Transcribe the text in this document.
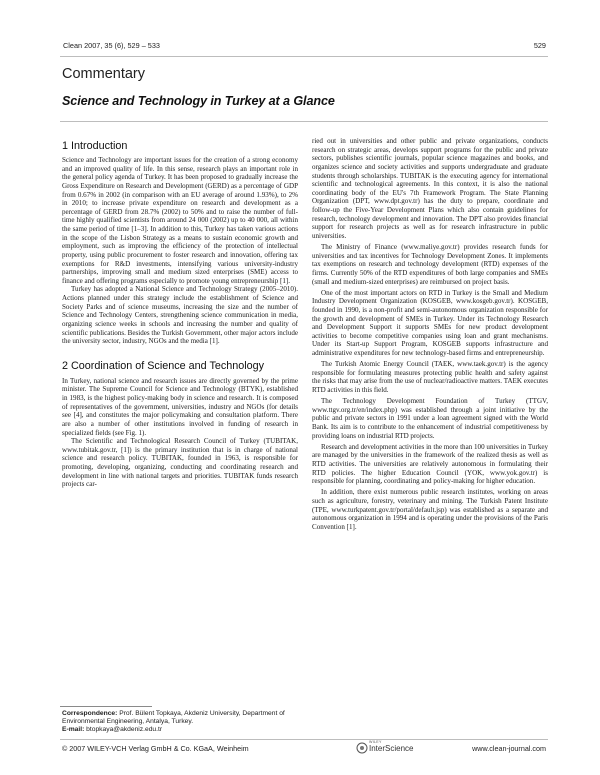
Clean 2007, 35 (6), 529 – 533	529
Commentary
Science and Technology in Turkey at a Glance
1 Introduction

Science and Technology are important issues for the creation of a strong economy and an improved quality of life. In this sense, research plays an important role in the general policy agenda of Turkey. It has been proposed to gradually increase the Gross Expenditure on Research and Development (GERD) as a percentage of GDP from 0.67% in 2002 (in comparison with an EU average of around 1.93%), to 2% in 2010; to increase private expenditure on research and development as a percentage of GERD from 28.7% (2002) to 50% and to raise the number of full-time highly qualified scientists from around 24 000 (2002) up to 40 000, all within the same period of time [1–3]. In addition to this, Turkey has taken various actions in the scope of the Lisbon Strategy as a means to sustain economic growth and employment, such as improving the efficiency of the protection of intellectual property, using public procurement to foster research and innovation, offering tax exemptions for R&D investments, intensifying various university-industry partnerships, improving small and medium sized enterprises (SME) access to finance and offering programs especially to promote young entrepreneurship [1].

Turkey has adopted a National Science and Technology Strategy (2005–2010). Actions planned under this strategy include the establishment of Science and Society Parks and of science museums, increasing the size and the number of Science and Technology Centers, strengthening science communication in media, organizing science weeks in schools and increasing the number and quality of scientific publications. Besides the Turkish Government, other major actors include the university sector, industry, NGOs and the media [1].

2 Coordination of Science and Technology

In Turkey, national science and research issues are directly governed by the prime minister. The Supreme Council for Science and Technology (BTYK), established in 1983, is the highest policy-making body in science and research. It is composed of representatives of the government, universities, industry and NGOs (for details see [4], and constitutes the major policymaking and consultation platform. There are also a number of other institutions involved in funding of research in specialized fields (see Fig. 1).

The Scientific and Technological Research Council of Turkey (TUBITAK, www.tubitak.gov.tr, [1]) is the primary institution that is in charge of national science and research policy. TUBITAK, founded in 1963, is responsible for promoting, developing, organizing, conducting and coordinating research and development in line with national targets and priorities. TUBITAK funds research projects car-

ried out in universities and other public and private organizations, conducts research on strategic areas, develops support programs for the public and private sectors, publishes scientific journals, popular science magazines and books, and organizes science and society activities and supports undergraduate and graduate students through scholarships. TUBITAK is the executing agency for international scientific and technological agreements. In this context, it is also the national coordinating body of the EU's 7th Framework Program. The State Planning Organization (DPT, www.dpt.gov.tr) has the duty to prepare, coordinate and follow-up the Five-Year Development Plans which also contain guidelines for research, technology development and innovation. The DPT also provides financial support for research projects as well as for research infrastructure in public universities.

The Ministry of Finance (www.maliye.gov.tr) provides research funds for universities and tax incentives for Technology Development Zones. It implements tax exemptions on research and technology development (RTD) expenses of the firms. Currently 50% of the RTD expenditures of both large companies and SMEs (small and medium-sized enterprises) are reimbursed on project basis.

One of the most important actors on RTD in Turkey is the Small and Medium Industry Development Organization (KOSGEB, www.kosgeb.gov.tr). KOSGEB, founded in 1990, is a non-profit and semi-autonomous organization responsible for the growth and development of SMEs in Turkey. Under its Technology Research and Development Support it supports SMEs for new product development activities to become competitive companies using loan and grant mechanisms. Under its Start-up Support Program, KOSGEB supports infrastructure and administrative expenditures for new technology-based firms and entrepreneurship.

The Turkish Atomic Energy Council (TAEK, www.taek.gov.tr) is the agency responsible for formulating measures protecting public health and safety against the risks that may arise from the use of nuclear/radioactive matters. TAEK executes RTD activities in this field.

The Technology Development Foundation of Turkey (TTGV, www.ttgv.org.tr/en/index.php) was established through a joint initiative by the public and private sectors in 1991 under a loan agreement signed with the World Bank. Its aim is to contribute to the enhancement of industrial competitiveness by providing loans on industrial RTD projects.

Research and development activities in the more than 100 universities in Turkey are managed by the universities in the framework of the realized thesis as well as RTD activities. The universities are relatively autonomous in formulating their RTD policies. The higher Education Council (YOK, www.yok.gov.tr) is responsible for planning, coordinating and policy-making for higher education.

In addition, there exist numerous public research institutes, working on areas such as agriculture, forestry, veterinary and mining. The Turkish Patent Institute (TPE, www.turkpatent.gov.tr/portal/default.jsp) was established as a separate and autonomous organization in 1994 and is operating under the provisions of the Paris Convention [1].

Correspondence: Prof. Bülent Topkaya, Akdeniz University, Department of Environmental Engineering, Antalya, Turkey.
E-mail: btopkaya@akdeniz.edu.tr
© 2007 WILEY-VCH Verlag GmbH & Co. KGaA, Weinheim
WILEY
InterScience	www.clean-journal.com
